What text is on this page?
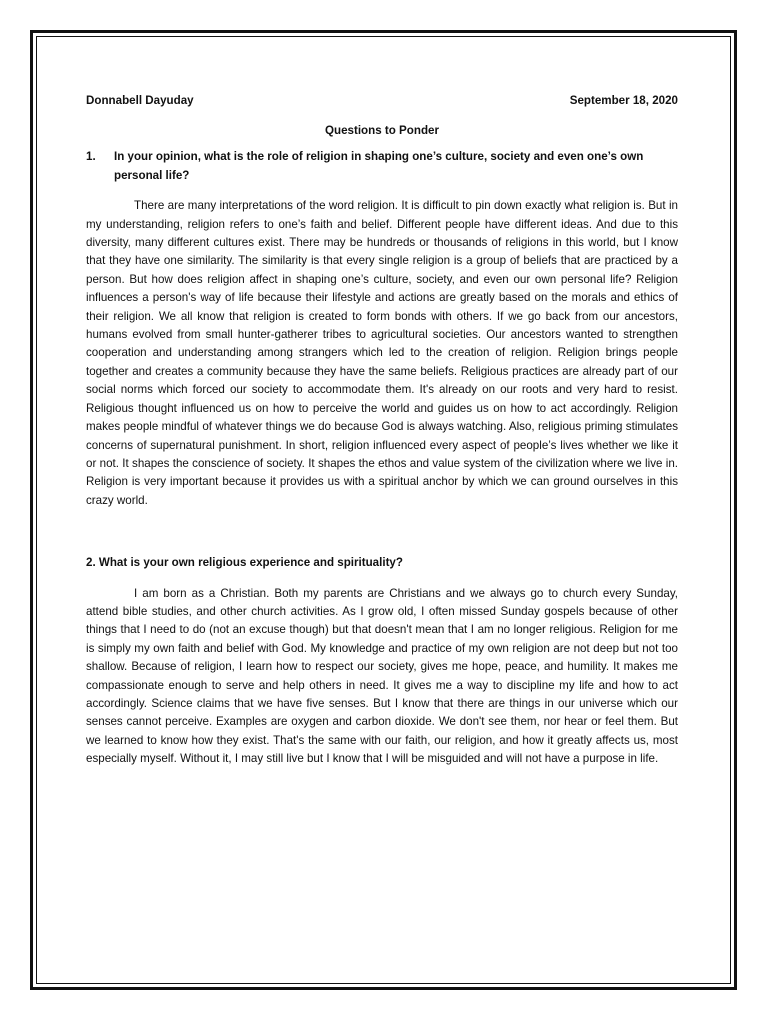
Donnabell Dayuday	September 18, 2020
Questions to Ponder
1.	In your opinion, what is the role of religion in shaping one’s culture, society and even one’s own personal life?
There are many interpretations of the word religion. It is difficult to pin down exactly what religion is. But in my understanding, religion refers to one’s faith and belief. Different people have different ideas. And due to this diversity, many different cultures exist. There may be hundreds or thousands of religions in this world, but I know that they have one similarity. The similarity is that every single religion is a group of beliefs that are practiced by a person. But how does religion affect in shaping one’s culture, society, and even our own personal life? Religion influences a person's way of life because their lifestyle and actions are greatly based on the morals and ethics of their religion. We all know that religion is created to form bonds with others. If we go back from our ancestors, humans evolved from small hunter-gatherer tribes to agricultural societies. Our ancestors wanted to strengthen cooperation and understanding among strangers which led to the creation of religion. Religion brings people together and creates a community because they have the same beliefs. Religious practices are already part of our social norms which forced our society to accommodate them. It's already on our roots and very hard to resist. Religious thought influenced us on how to perceive the world and guides us on how to act accordingly. Religion makes people mindful of whatever things we do because God is always watching. Also, religious priming stimulates concerns of supernatural punishment. In short, religion influenced every aspect of people’s lives whether we like it or not. It shapes the conscience of society. It shapes the ethos and value system of the civilization where we live in. Religion is very important because it provides us with a spiritual anchor by which we can ground ourselves in this crazy world.
2. What is your own religious experience and spirituality?
I am born as a Christian. Both my parents are Christians and we always go to church every Sunday, attend bible studies, and other church activities. As I grow old, I often missed Sunday gospels because of other things that I need to do (not an excuse though) but that doesn't mean that I am no longer religious. Religion for me is simply my own faith and belief with God. My knowledge and practice of my own religion are not deep but not too shallow. Because of religion, I learn how to respect our society, gives me hope, peace, and humility. It makes me compassionate enough to serve and help others in need. It gives me a way to discipline my life and how to act accordingly. Science claims that we have five senses. But I know that there are things in our universe which our senses cannot perceive. Examples are oxygen and carbon dioxide. We don't see them, nor hear or feel them. But we learned to know how they exist. That's the same with our faith, our religion, and how it greatly affects us, most especially myself. Without it, I may still live but I know that I will be misguided and will not have a purpose in life.
